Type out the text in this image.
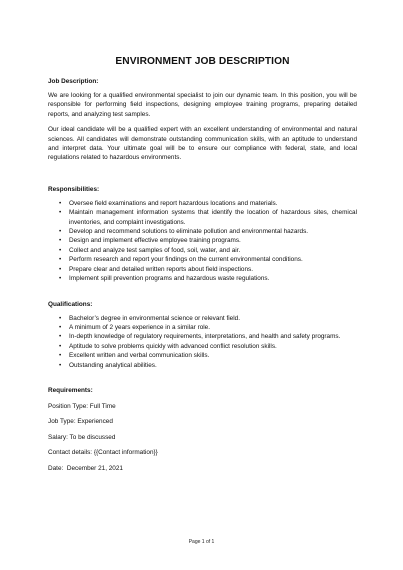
ENVIRONMENT JOB DESCRIPTION
Job Description:

We are looking for a qualified environmental specialist to join our dynamic team. In this position, you will be responsible for performing field inspections, designing employee training programs, preparing detailed reports, and analyzing test samples.

Our ideal candidate will be a qualified expert with an excellent understanding of environmental and natural sciences. All candidates will demonstrate outstanding communication skills, with an aptitude to understand and interpret data. Your ultimate goal will be to ensure our compliance with federal, state, and local regulations related to hazardous environments.

Responsibilities:
• Oversee field examinations and report hazardous locations and materials.
• Maintain management information systems that identify the location of hazardous sites, chemical inventories, and complaint investigations.
• Develop and recommend solutions to eliminate pollution and environmental hazards.
• Design and implement effective employee training programs.
• Collect and analyze test samples of food, soil, water, and air.
• Perform research and report your findings on the current environmental conditions.
• Prepare clear and detailed written reports about field inspections.
• Implement spill prevention programs and hazardous waste regulations.
Qualifications:
• Bachelor’s degree in environmental science or relevant field.
• A minimum of 2 years experience in a similar role.
• In-depth knowledge of regulatory requirements, interpretations, and health and safety programs.
• Aptitude to solve problems quickly with advanced conflict resolution skills.
• Excellent written and verbal communication skills.
• Outstanding analytical abilities.
Requirements:
Position Type: Full Time
Job Type: Experienced
Salary: To be discussed
Contact details: {{Contact information}}
Date:  December 21, 2021
Page 1 of 1
